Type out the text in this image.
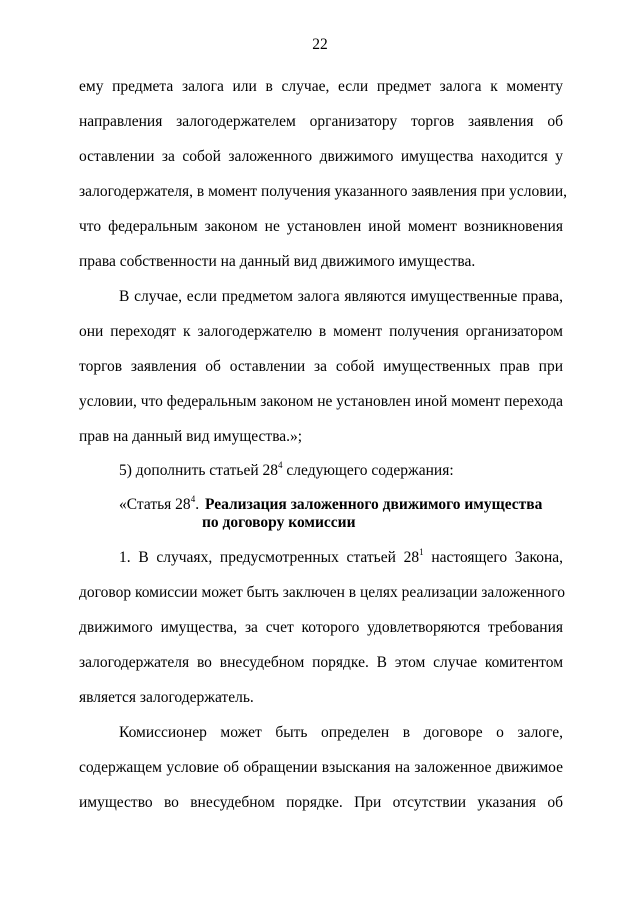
22
ему предмета залога или в случае, если предмет залога к моменту
направления залогодержателем организатору торгов заявления об
оставлении за собой заложенного движимого имущества находится у
залогодержателя, в момент получения указанного заявления при условии,
что федеральным законом не установлен иной момент возникновения
права собственности на данный вид движимого имущества.
В случае, если предметом залога являются имущественные права,
они переходят к залогодержателю в момент получения организатором
торгов заявления об оставлении за собой имущественных прав при
условии, что федеральным законом не установлен иной момент перехода
прав на данный вид имущества.»;
5) дополнить статьей $28^4$ следующего содержания:
«Статья $28^4$. Реализация заложенного движимого имущества
по договору комиссии
1. В случаях, предусмотренных статьей $28^1$ настоящего Закона,
договор комиссии может быть заключен в целях реализации заложенного
движимого имущества, за счет которого удовлетворяются требования
залогодержателя во внесудебном порядке. В этом случае комитентом
является залогодержатель.
Комиссионер может быть определен в договоре о залоге,
содержащем условие об обращении взыскания на заложенное движимое
имущество во внесудебном порядке. При отсутствии указания об
